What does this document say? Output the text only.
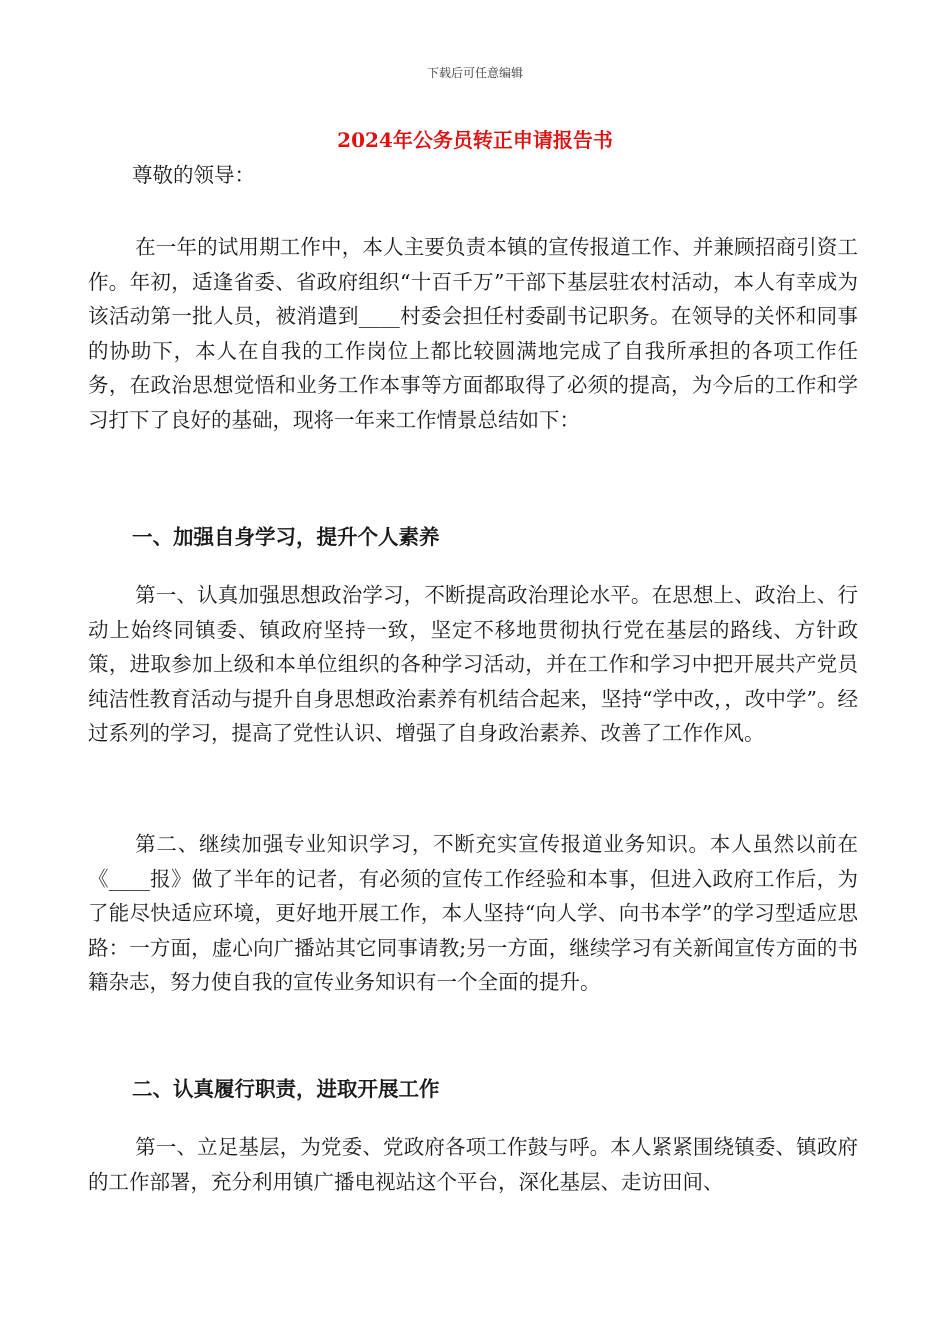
下载后可任意编辑
2024年公务员转正申请报告书

尊敬的领导：

在一年的试用期工作中，本人主要负责本镇的宣传报道工作、并兼顾招商引资工作。年初，适逢省委、省政府组织“十百千万”干部下基层驻农村活动，本人有幸成为该活动第一批人员，被消遣到____村委会担任村委副书记职务。在领导的关怀和同事的协助下，本人在自我的工作岗位上都比较圆满地完成了自我所承担的各项工作任务，在政治思想觉悟和业务工作本事等方面都取得了必须的提高，为今后的工作和学习打下了良好的基础，现将一年来工作情景总结如下：

一、加强自身学习，提升个人素养

第一、认真加强思想政治学习，不断提高政治理论水平。在思想上、政治上、行动上始终同镇委、镇政府坚持一致，坚定不移地贯彻执行党在基层的路线、方针政策，进取参加上级和本单位组织的各种学习活动，并在工作和学习中把开展共产党员纯洁性教育活动与提升自身思想政治素养有机结合起来，坚持“学中改，，改中学”。经过系列的学习，提高了党性认识、增强了自身政治素养、改善了工作作风。

第二、继续加强专业知识学习，不断充实宣传报道业务知识。本人虽然以前在《____报》做了半年的记者，有必须的宣传工作经验和本事，但进入政府工作后，为了能尽快适应环境，更好地开展工作，本人坚持“向人学、向书本学”的学习型适应思路：一方面，虚心向广播站其它同事请教;另一方面，继续学习有关新闻宣传方面的书籍杂志，努力使自我的宣传业务知识有一个全面的提升。

二、认真履行职责，进取开展工作

第一、立足基层，为党委、党政府各项工作鼓与呼。本人紧紧围绕镇委、镇政府的工作部署，充分利用镇广播电视站这个平台，深化基层、走访田间、
